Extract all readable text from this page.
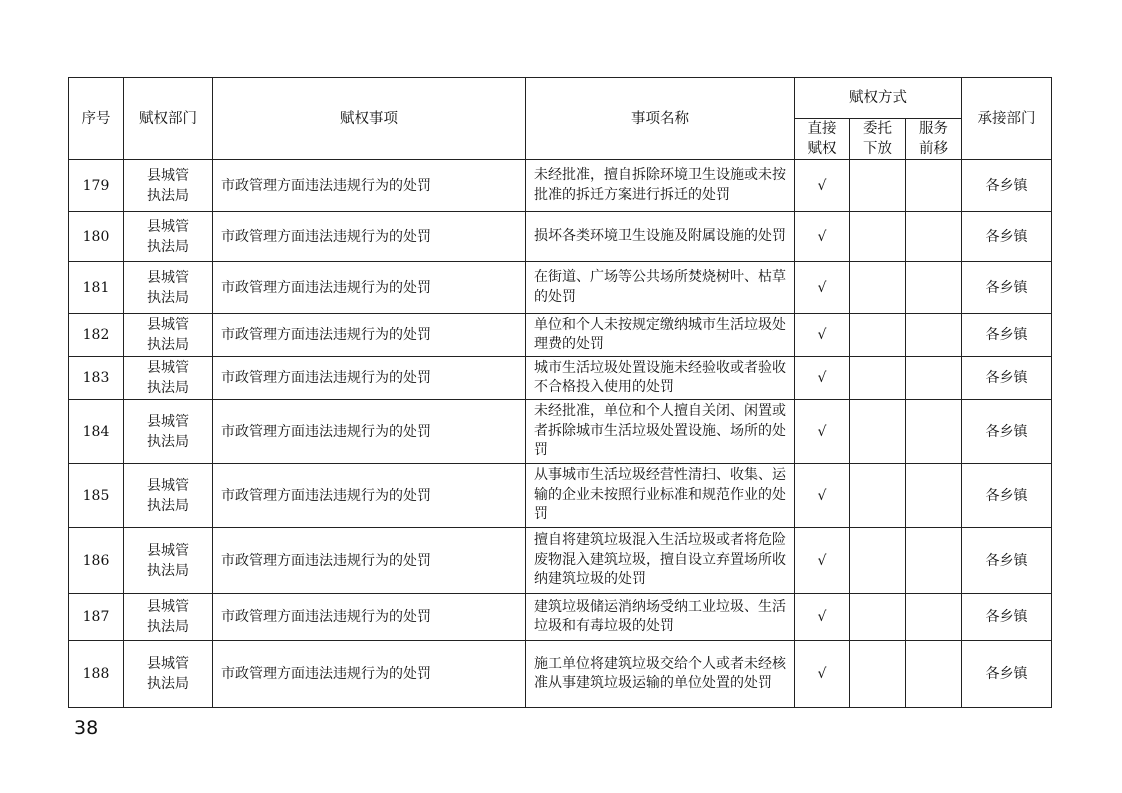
序号	赋权部门	赋权事项	事项名称	赋权方式			承接部门
				直接赋权	委托下放	服务前移	
179	县城管执法局	市政管理方面违法违规行为的处罚	未经批准，擅自拆除环境卫生设施或未按批准的拆迁方案进行拆迁的处罚	√			各乡镇
180	县城管执法局	市政管理方面违法违规行为的处罚	损坏各类环境卫生设施及附属设施的处罚	√			各乡镇
181	县城管执法局	市政管理方面违法违规行为的处罚	在街道、广场等公共场所焚烧树叶、枯草的处罚	√			各乡镇
182	县城管执法局	市政管理方面违法违规行为的处罚	单位和个人未按规定缴纳城市生活垃圾处理费的处罚	√			各乡镇
183	县城管执法局	市政管理方面违法违规行为的处罚	城市生活垃圾处置设施未经验收或者验收不合格投入使用的处罚	√			各乡镇
184	县城管执法局	市政管理方面违法违规行为的处罚	未经批准，单位和个人擅自关闭、闲置或者拆除城市生活垃圾处置设施、场所的处罚	√			各乡镇
185	县城管执法局	市政管理方面违法违规行为的处罚	从事城市生活垃圾经营性清扫、收集、运输的企业未按照行业标准和规范作业的处罚	√			各乡镇
186	县城管执法局	市政管理方面违法违规行为的处罚	擅自将建筑垃圾混入生活垃圾或者将危险废物混入建筑垃圾，擅自设立弃置场所收纳建筑垃圾的处罚	√			各乡镇
187	县城管执法局	市政管理方面违法违规行为的处罚	建筑垃圾储运消纳场受纳工业垃圾、生活垃圾和有毒垃圾的处罚	√			各乡镇
188	县城管执法局	市政管理方面违法违规行为的处罚	施工单位将建筑垃圾交给个人或者未经核准从事建筑垃圾运输的单位处置的处罚	√			各乡镇
38
